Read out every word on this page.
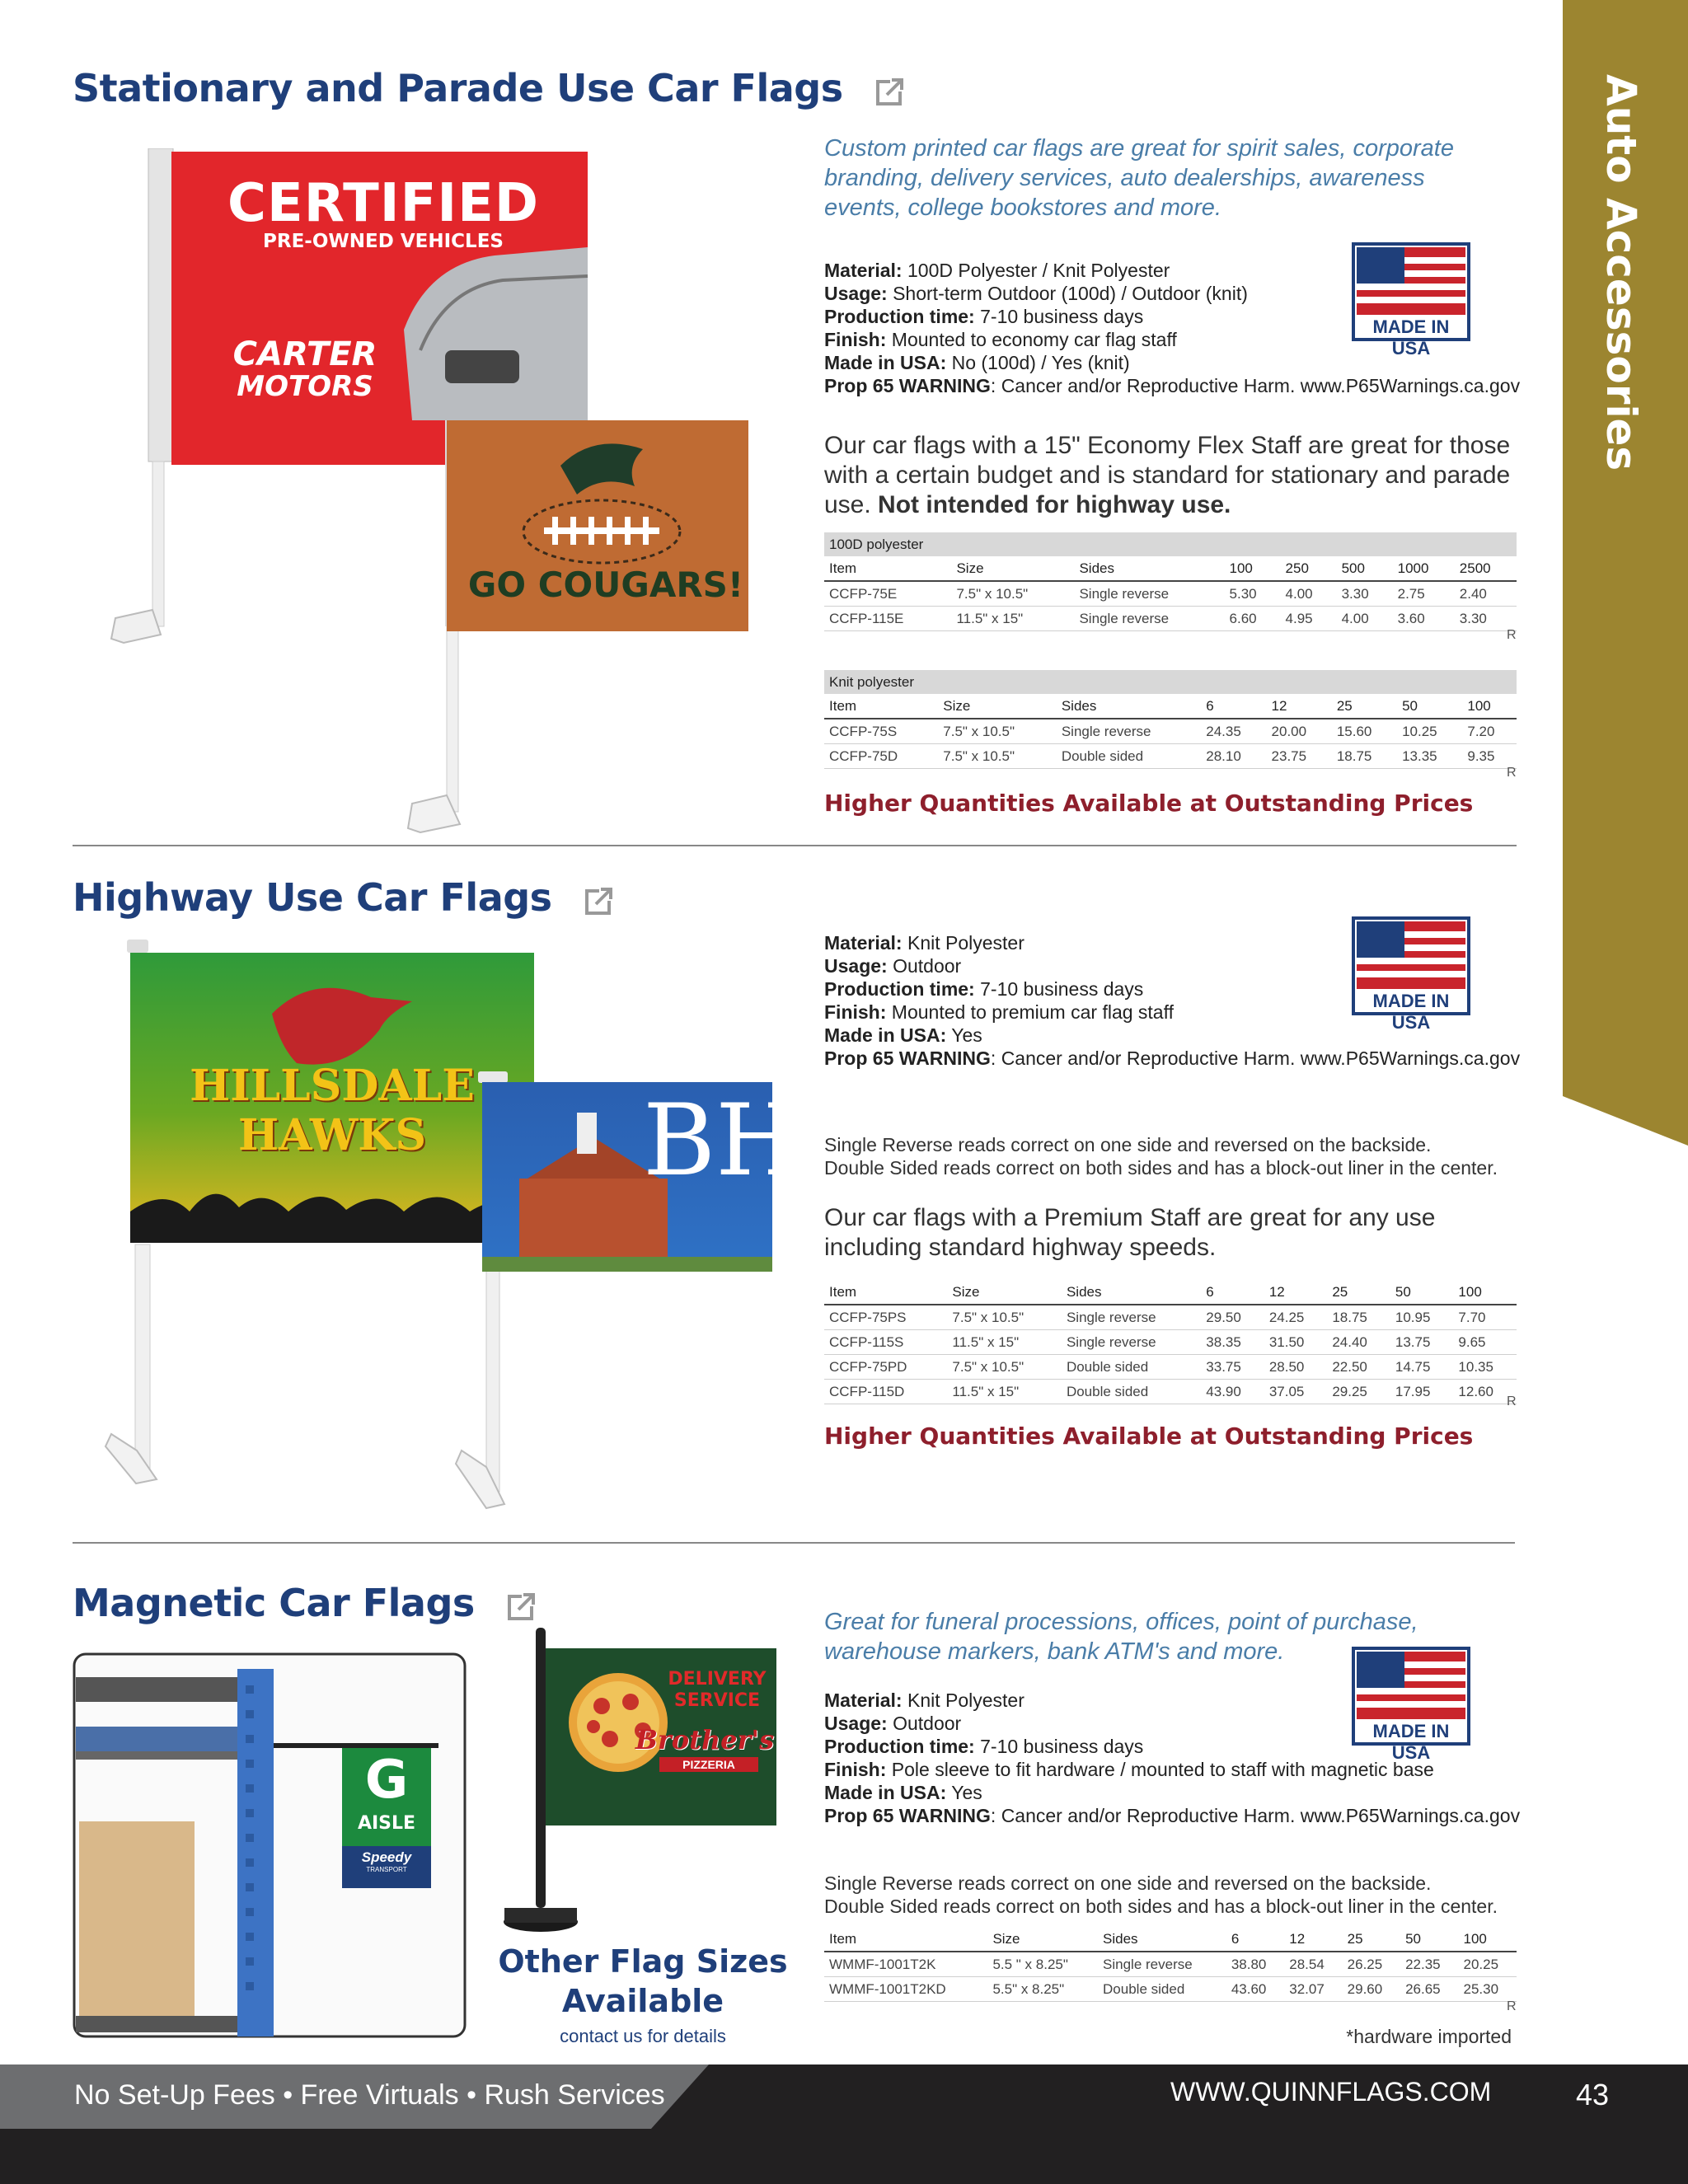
Auto Accessories
Stationary and Parade Use Car Flags
CERTIFIED
PRE-OWNED VEHICLES
CARTER
MOTORS
GO COUGARS!
Custom printed car flags are great for spirit sales, corporate branding, delivery services, auto dealerships, awareness events, college bookstores and more.
MADE IN USA
Material: 100D Polyester / Knit Polyester
Usage: Short-term Outdoor (100d) / Outdoor (knit)
Production time: 7-10 business days
Finish: Mounted to economy car flag staff
Made in USA: No (100d) / Yes (knit)
Prop 65 WARNING: Cancer and/or Reproductive Harm. www.P65Warnings.ca.gov
Our car flags with a 15" Economy Flex Staff are great for those with a certain budget and is standard for stationary and parade use. Not intended for highway use.
100D polyester							
Item	Size	Sides	100	250	500	1000	2500
CCFP-75E	7.5" x 10.5"	Single reverse	5.30	4.00	3.30	2.75	2.40
CCFP-115E	11.5" x 15"	Single reverse	6.60	4.95	4.00	3.60	3.30
R
Knit polyester							
Item	Size	Sides	6	12	25	50	100
CCFP-75S	7.5" x 10.5"	Single reverse	24.35	20.00	15.60	10.25	7.20
CCFP-75D	7.5" x 10.5"	Double sided	28.10	23.75	18.75	13.35	9.35
R
Higher Quantities Available at Outstanding Prices
Highway Use Car Flags
HILLSDALE
HAWKS	BH
MADE IN USA
Material: Knit Polyester
Usage: Outdoor
Production time: 7-10 business days
Finish: Mounted to premium car flag staff
Made in USA: Yes
Prop 65 WARNING: Cancer and/or Reproductive Harm. www.P65Warnings.ca.gov
Single Reverse reads correct on one side and reversed on the backside.
Double Sided reads correct on both sides and has a block-out liner in the center.
Our car flags with a Premium Staff are great for any use including standard highway speeds.
Item	Size	Sides	6	12	25	50	100
CCFP-75PS	7.5" x 10.5"	Single reverse	29.50	24.25	18.75	10.95	7.70
CCFP-115S	11.5" x 15"	Single reverse	38.35	31.50	24.40	13.75	9.65
CCFP-75PD	7.5" x 10.5"	Double sided	33.75	28.50	22.50	14.75	10.35
CCFP-115D	11.5" x 15"	Double sided	43.90	37.05	29.25	17.95	12.60
R
Higher Quantities Available at Outstanding Prices
Magnetic Car Flags
G
AISLE
Speedy
TRANSPORT
DELIVERY
SERVICE
Brother's
PIZZERIA
Other Flag Sizes Available
contact us for details
Great for funeral processions, offices, point of purchase, warehouse markers, bank ATM's and more.
MADE IN USA
Material: Knit Polyester
Usage: Outdoor
Production time: 7-10 business days
Finish: Pole sleeve to fit hardware / mounted to staff with magnetic base
Made in USA: Yes
Prop 65 WARNING: Cancer and/or Reproductive Harm. www.P65Warnings.ca.gov
Single Reverse reads correct on one side and reversed on the backside.
Double Sided reads correct on both sides and has a block-out liner in the center.
Item	Size	Sides	6	12	25	50	100
WMMF-1001T2K	5.5 " x 8.25"	Single reverse	38.80	28.54	26.25	22.35	20.25
WMMF-1001T2KD	5.5" x 8.25"	Double sided	43.60	32.07	29.60	26.65	25.30
R
*hardware imported
No Set-Up Fees • Free Virtuals • Rush Services	WWW.QUINNFLAGS.COM	43
